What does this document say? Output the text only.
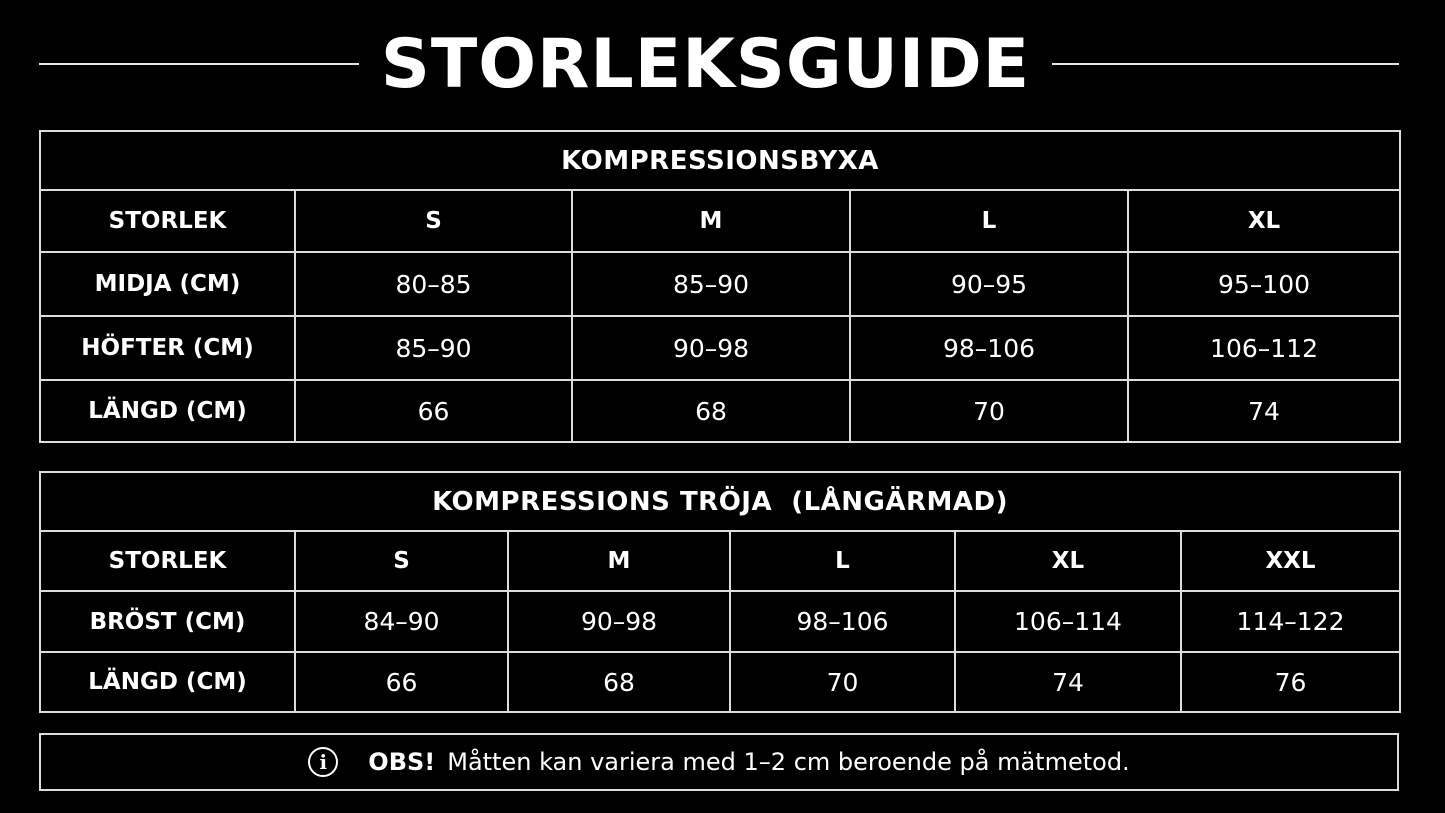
STORLEKSGUIDE
KOMPRESSIONSBYXA				
STORLEK	S	M	L	XL
MIDJA (CM)	80–85	85–90	90–95	95–100
HÖFTER (CM)	85–90	90–98	98–106	106–112
LÄNGD (CM)	66	68	70	74
KOMPRESSIONS TRÖJA  (LÅNGÄRMAD)					
STORLEK	S	M	L	XL	XXL
BRÖST (CM)	84–90	90–98	98–106	106–114	114–122
LÄNGD (CM)	66	68	70	74	76
i	OBS! Måtten kan variera med 1–2 cm beroende på mätmetod.
